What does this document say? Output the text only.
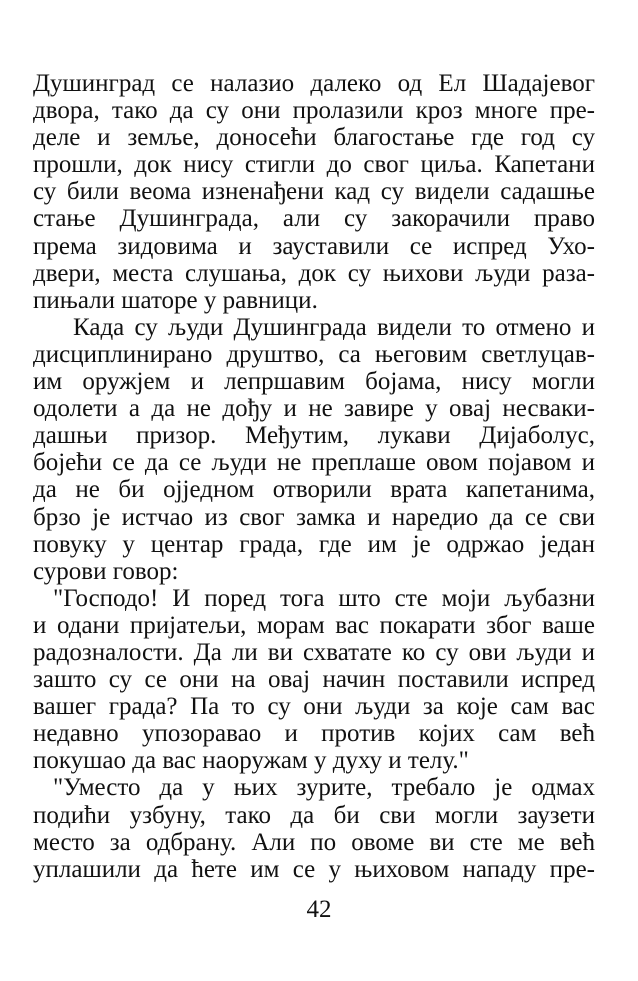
Душинград се налазио далеко од Ел Шадајевог
двора, тако да су они пролазили кроз многе пре-
деле и земље, доносећи благостање где год су
прошли, док нису стигли до свог циља. Капетани
су били веома изненађени кад су видели садашње
стање Душинграда, али су закорачили право
према зидовима и зауставили се испред Ухо-
двери, места слушања, док су њихови људи раза-
пињали шаторе у равници.
Када су људи Душинграда видели то отмено и
дисциплинирано друштво, са његовим светлуцав-
им оружјем и лепршавим бојама, нису могли
одолети а да не дођу и не завире у овај несваки-
дашњи призор. Међутим, лукави Дијаболус,
бојећи се да се људи не преплаше овом појавом и
да не би ојједном отворили врата капетанима,
брзо је истчао из свог замка и наредио да се сви
повуку у центар града, где им је одржао један
сурови говор:
"Господо! И поред тога што сте моји љубазни
и одани пријатељи, морам вас покарати због ваше
радозналости. Да ли ви схватате ко су ови људи и
зашто су се они на овај начин поставили испред
вашег града? Па то су они људи за које сам вас
недавно упозоравао и против којих сам већ
покушао да вас наоружам у духу и телу."
"Уместо да у њих зурите, требало је одмах
подићи узбуну, тако да би сви могли заузети
место за одбрану. Али по овоме ви сте ме већ
уплашили да ћете им се у њиховом нападу пре-
42
